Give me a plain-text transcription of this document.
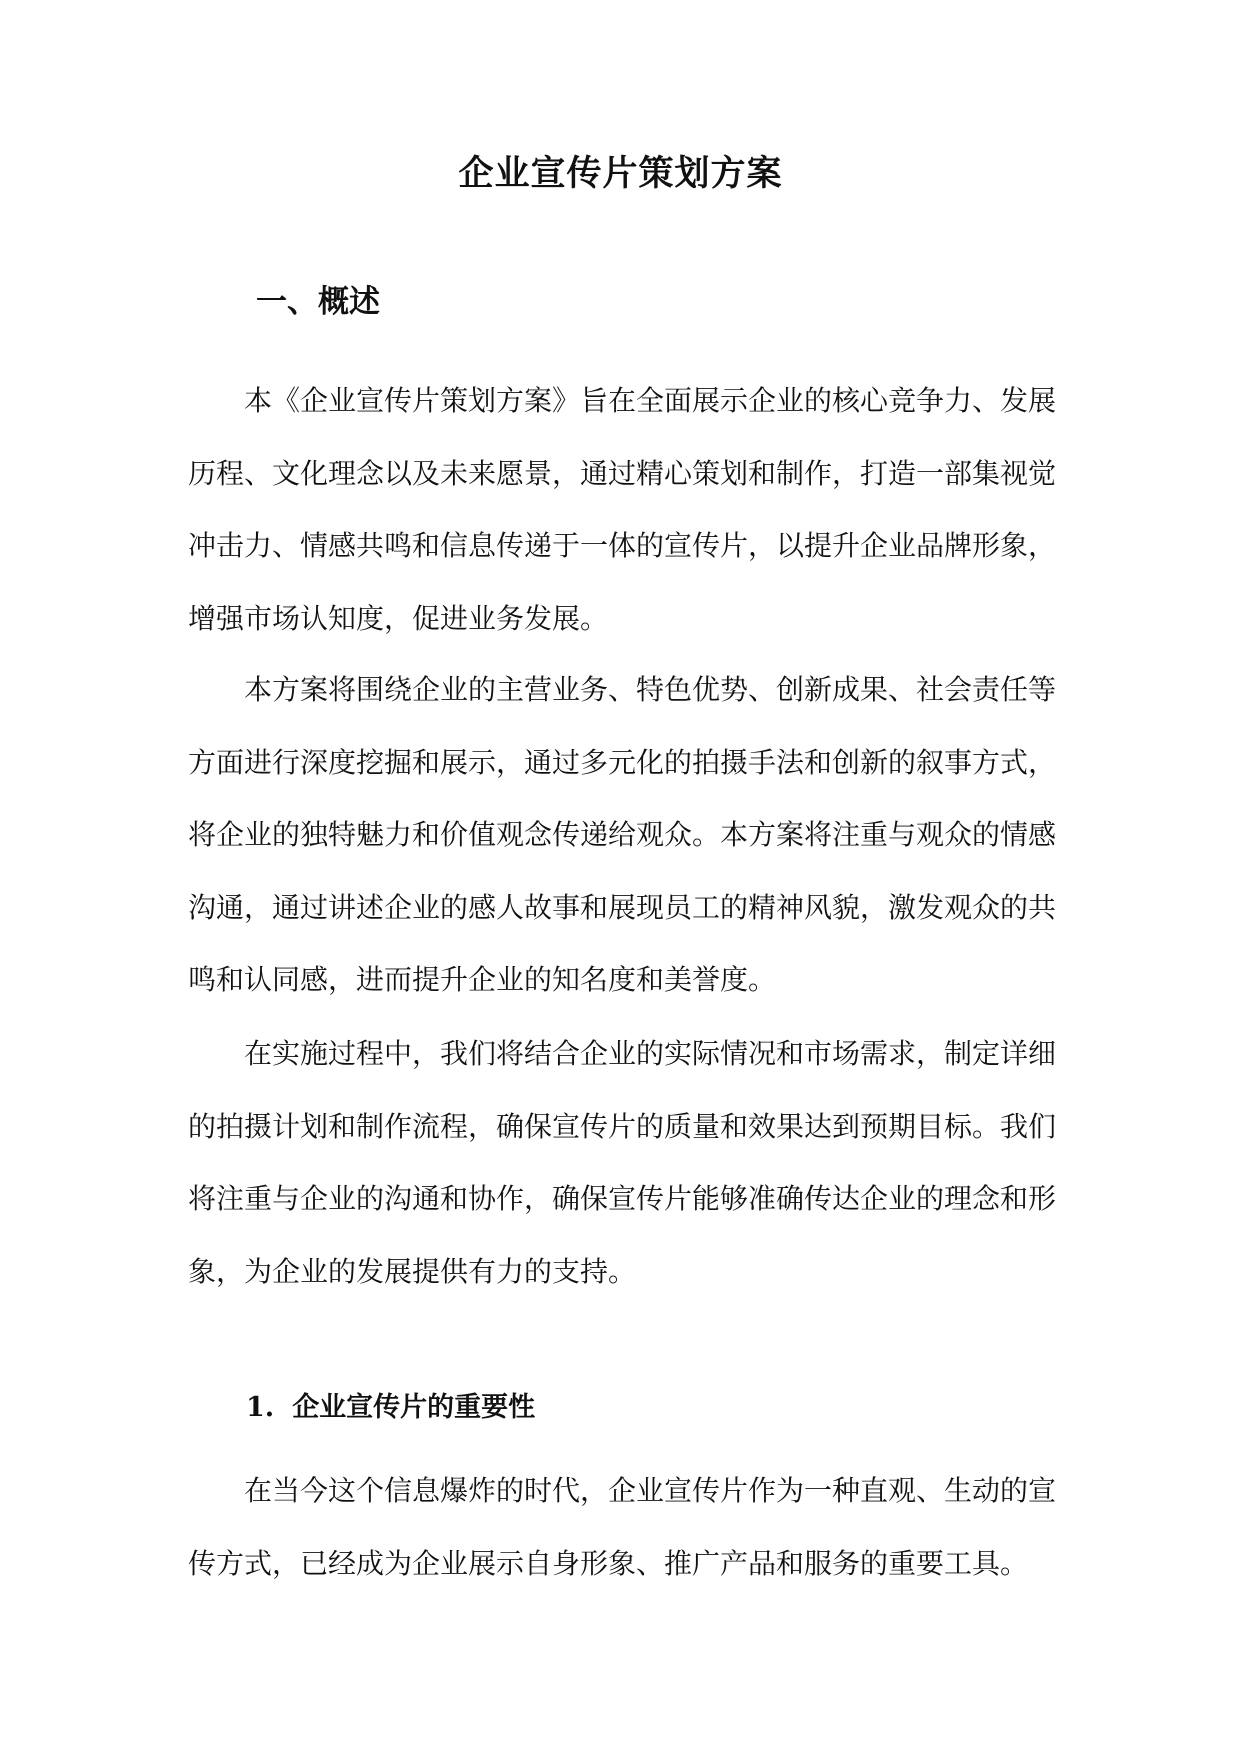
企业宣传片策划方案
一、概述

本《企业宣传片策划方案》旨在全面展示企业的核心竞争力、发展历程、文化理念以及未来愿景，通过精心策划和制作，打造一部集视觉冲击力、情感共鸣和信息传递于一体的宣传片，以提升企业品牌形象，增强市场认知度，促进业务发展。

本方案将围绕企业的主营业务、特色优势、创新成果、社会责任等方面进行深度挖掘和展示，通过多元化的拍摄手法和创新的叙事方式，将企业的独特魅力和价值观念传递给观众。本方案将注重与观众的情感沟通，通过讲述企业的感人故事和展现员工的精神风貌，激发观众的共鸣和认同感，进而提升企业的知名度和美誉度。

在实施过程中，我们将结合企业的实际情况和市场需求，制定详细的拍摄计划和制作流程，确保宣传片的质量和效果达到预期目标。我们将注重与企业的沟通和协作，确保宣传片能够准确传达企业的理念和形象，为企业的发展提供有力的支持。

1. 企业宣传片的重要性

在当今这个信息爆炸的时代，企业宣传片作为一种直观、生动的宣传方式，已经成为企业展示自身形象、推广产品和服务的重要工具。
